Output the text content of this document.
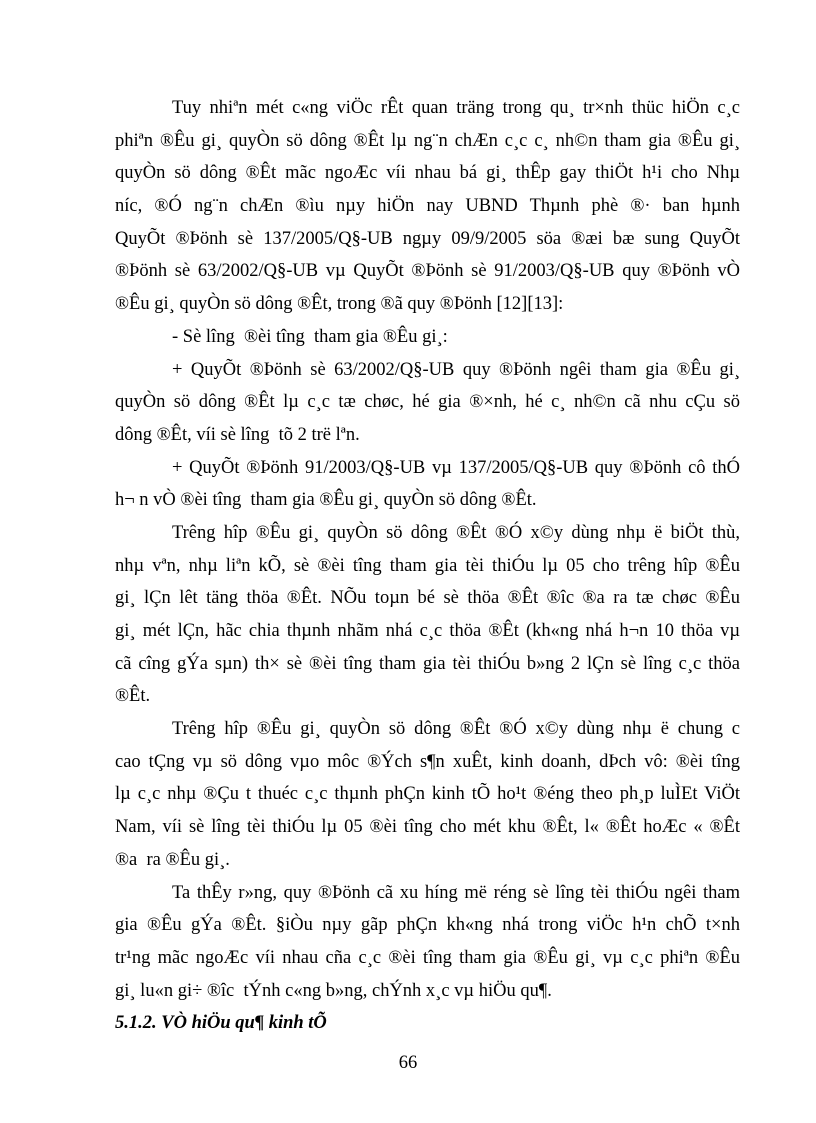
Tuy nhiªn mét c«ng viÖc rÊt quan träng trong qu¸ tr×nh thüc hiÖn c¸c
phiªn ®Êu gi¸ quyÒn sö dông ®Êt lµ ng¨n chÆn c¸c c¸ nh©n tham gia ®Êu gi¸
quyÒn sö dông ®Êt mãc ngoÆc víi nhau bá gi¸ thÊp gay thiÖt h¹i cho Nhµ
níc, ®Ó ng¨n chÆn ®ìu nµy hiÖn nay UBND Thµnh phè ®· ban hµnh
QuyÕt ®Þönh sè 137/2005/Q§-UB ngµy 09/9/2005 söa ®æi bæ sung QuyÕt
®Þönh sè 63/2002/Q§-UB vµ QuyÕt ®Þönh sè 91/2003/Q§-UB quy ®Þönh vÒ
®Êu gi¸ quyÒn sö dông ®Êt, trong ®ã quy ®Þönh [12][13]:
- Sè lîng  ®èi tîng  tham gia ®Êu gi¸:
+ QuyÕt ®Þönh sè 63/2002/Q§-UB quy ®Þönh ngêi tham gia ®Êu gi¸
quyÒn sö dông ®Êt lµ c¸c tæ chøc, hé gia ®×nh, hé c¸ nh©n cã nhu cÇu sö
dông ®Êt, víi sè lîng  tõ 2 trë lªn.
+ QuyÕt ®Þönh 91/2003/Q§-UB vµ 137/2005/Q§-UB quy ®Þönh cô thÓ
h¬ n vÒ ®èi tîng  tham gia ®Êu gi¸ quyÒn sö dông ®Êt.
Trêng hîp ®Êu gi¸ quyÒn sö dông ®Êt ®Ó x©y dùng nhµ ë biÖt thù,
nhµ vªn, nhµ liªn kÕ, sè ®èi tîng tham gia tèi thiÓu lµ 05 cho trêng hîp ®Êu
gi¸ lÇn lêt täng thöa ®Êt. NÕu toµn bé sè thöa ®Êt ®îc ®a ra tæ chøc ®Êu
gi¸ mét lÇn, hãc chia thµnh nhãm nhá c¸c thöa ®Êt (kh«ng nhá h¬n 10 thöa vµ
cã cîng gÝa sµn) th× sè ®èi tîng tham gia tèi thiÓu b»ng 2 lÇn sè lîng c¸c thöa
®Êt.
Trêng hîp ®Êu gi¸ quyÒn sö dông ®Êt ®Ó x©y dùng nhµ ë chung c
cao tÇng vµ sö dông vµo môc ®Ých s¶n xuÊt, kinh doanh, dÞch vô: ®èi tîng
lµ c¸c nhµ ®Çu t thuéc c¸c thµnh phÇn kinh tÕ ho¹t ®éng theo ph¸p luÌEt ViÖt
Nam, víi sè lîng tèi thiÓu lµ 05 ®èi tîng cho mét khu ®Êt, l« ®Êt hoÆc « ®Êt
®a  ra ®Êu gi¸.
Ta thÊy r»ng, quy ®Þönh cã xu híng më réng sè lîng tèi thiÓu ngêi tham
gia ®Êu gÝa ®Êt. §iÒu nµy gãp phÇn kh«ng nhá trong viÖc h¹n chÕ t×nh
tr¹ng mãc ngoÆc víi nhau cña c¸c ®èi tîng tham gia ®Êu gi¸ vµ c¸c phiªn ®Êu
gi¸ lu«n gi÷ ®îc  tÝnh c«ng b»ng, chÝnh x¸c vµ hiÖu qu¶.
5.1.2. VÒ hiÖu qu¶ kinh tÕ
66
